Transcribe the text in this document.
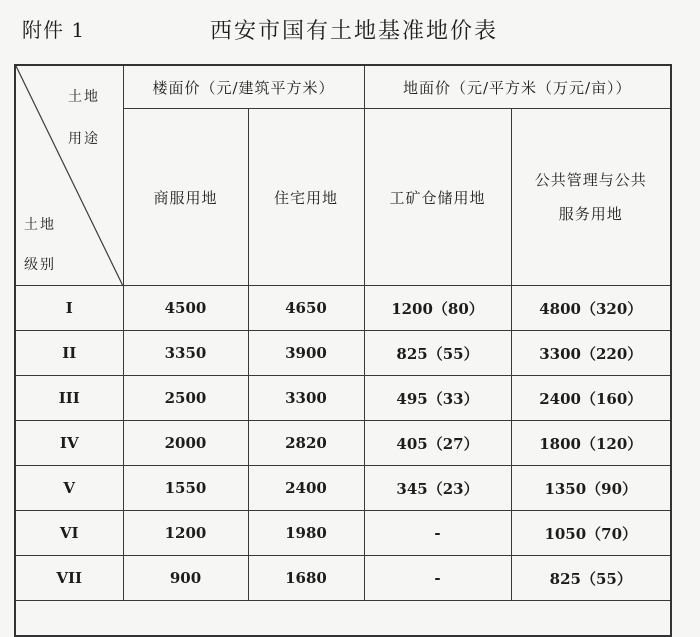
附件 1	西安市国有土地基准地价表
土地
用途
土地
级别	楼面价（元/建筑平方米）		地面价（元/平方米（万元/亩））	
	商服用地	住宅用地	工矿仓储用地	公共管理与公共
服务用地
I	4500	4650	1200（80）	4800（320）
II	3350	3900	825（55）	3300（220）
III	2500	3300	495（33）	2400（160）
IV	2000	2820	405（27）	1800（120）
V	1550	2400	345（23）	1350（90）
VI	1200	1980	-	1050（70）
VII	900	1680	-	825（55）
